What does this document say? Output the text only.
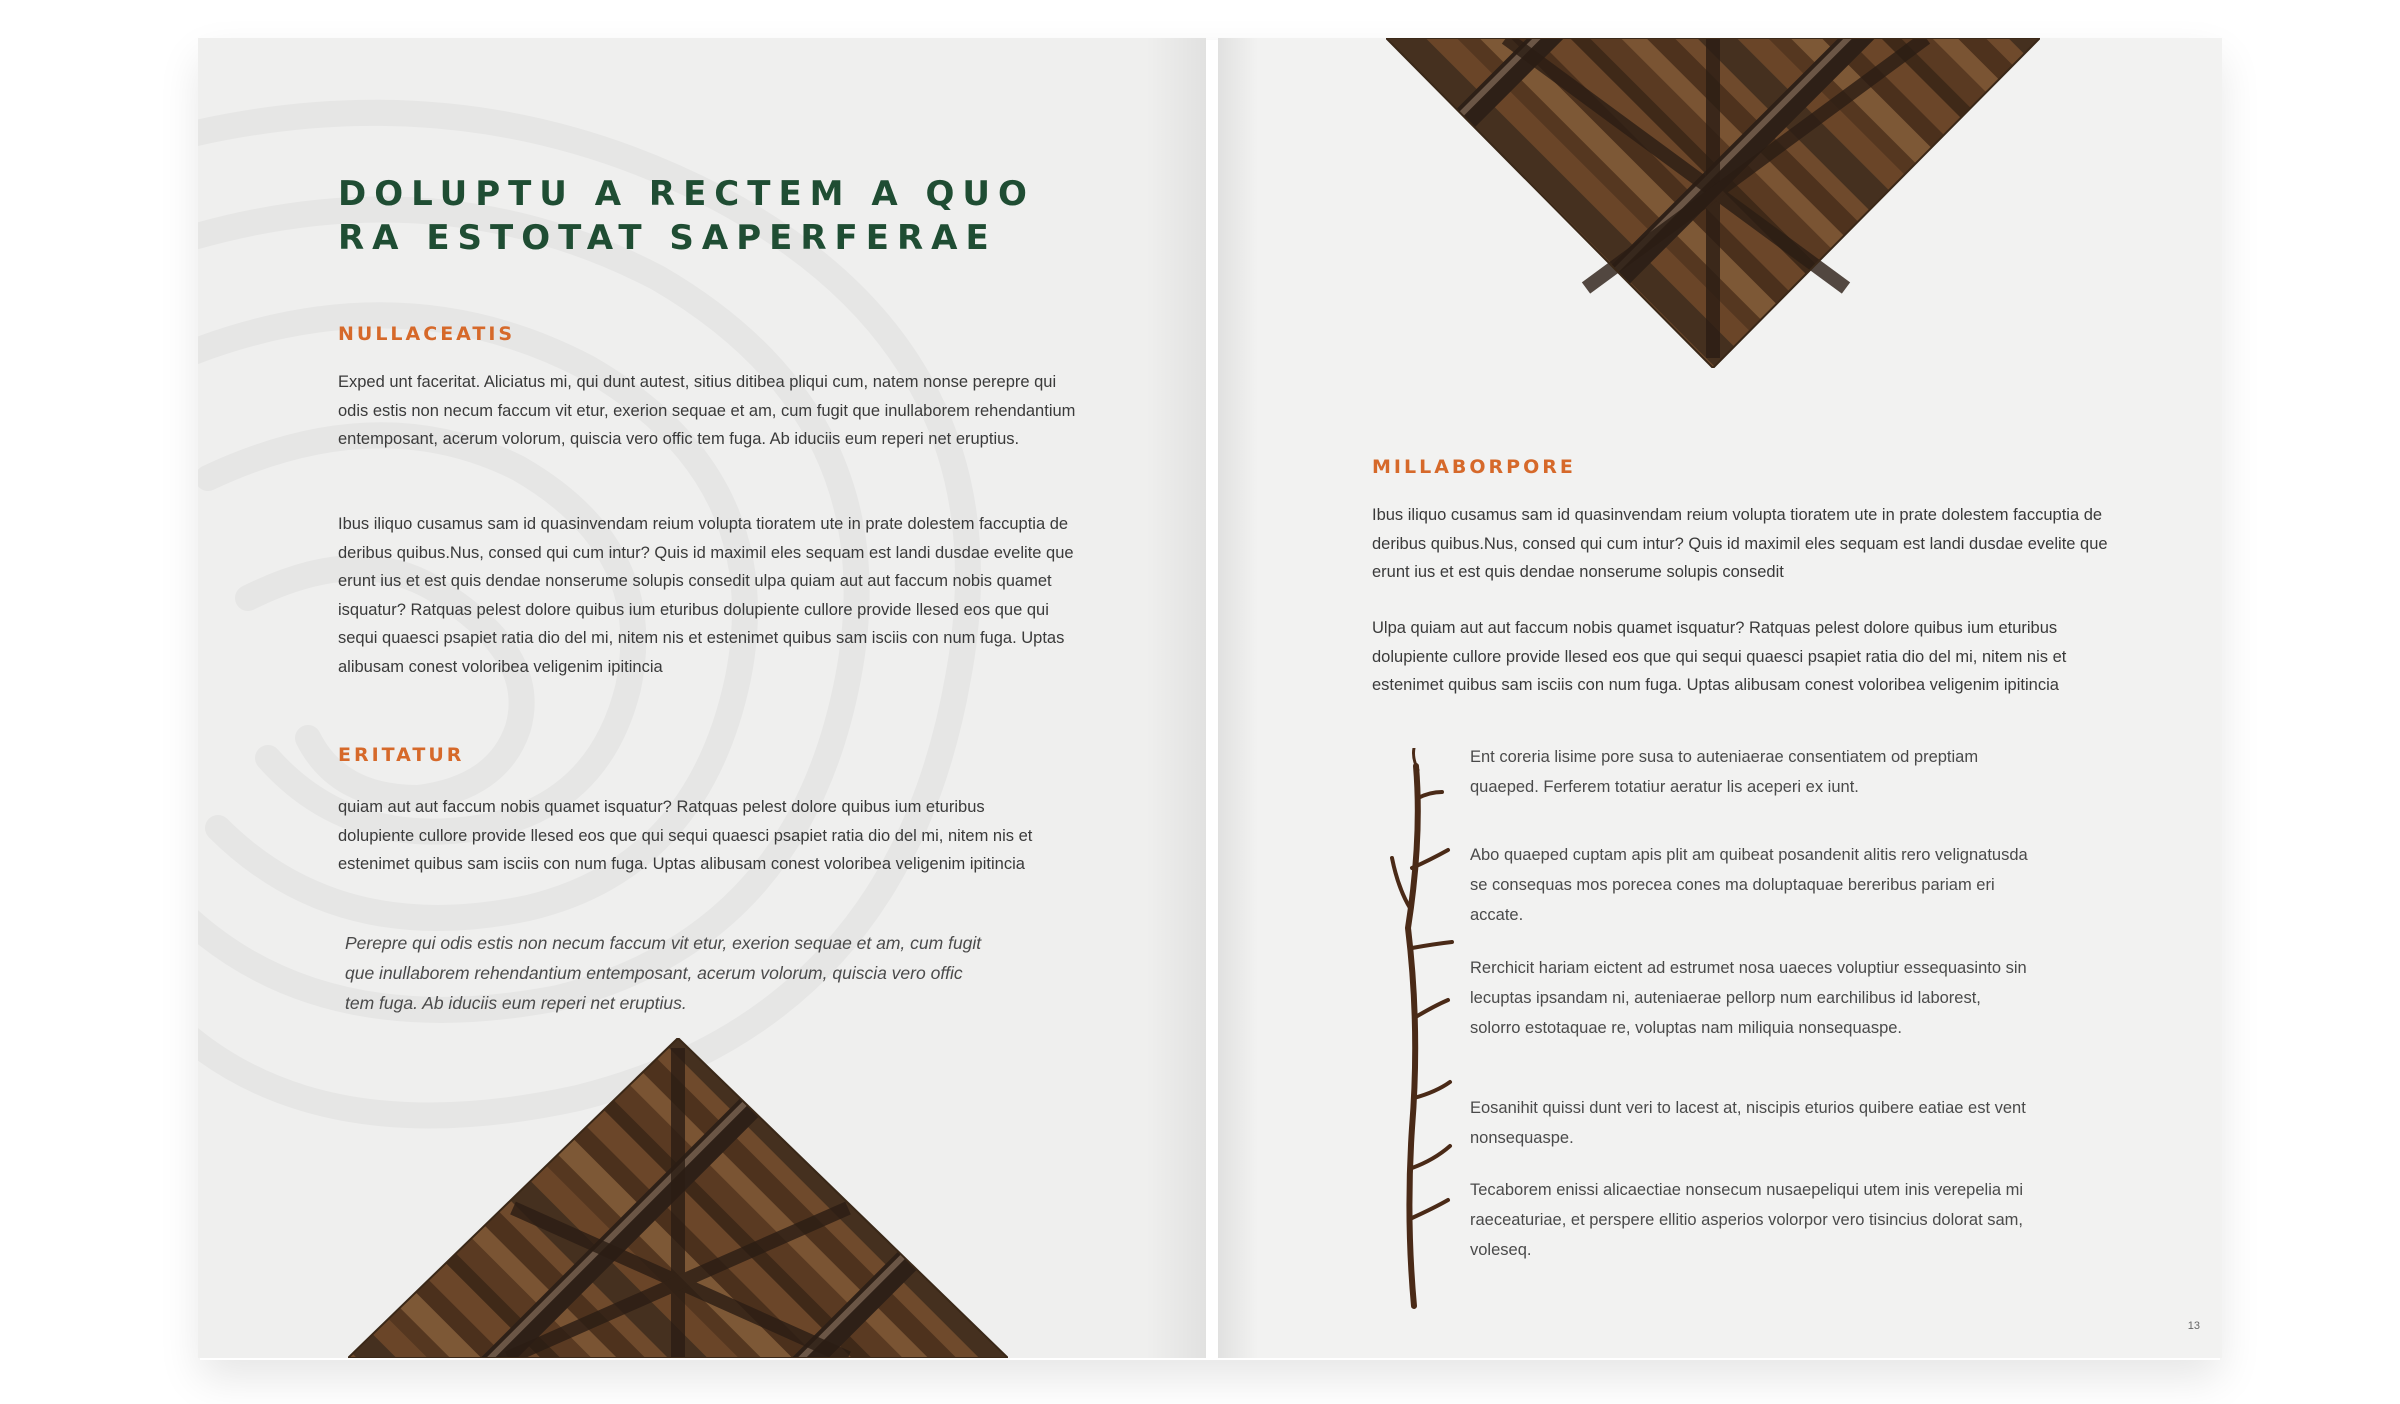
DOLUPTU A RECTEM A QUO RA ESTOTAT SAPERFERAE
NULLACEATIS

Exped unt faceritat. Aliciatus mi, qui dunt autest, sitius ditibea pliqui cum, natem nonse perepre qui odis estis non necum faccum vit etur, exerion sequae et am, cum fugit que inullaborem rehendantium entemposant, acerum volorum, quiscia vero offic tem fuga. Ab iduciis eum reperi net eruptius.

Ibus iliquo cusamus sam id quasinvendam reium volupta tioratem ute in prate dolestem faccuptia de deribus quibus.Nus, consed qui cum intur? Quis id maximil eles sequam est landi dusdae evelite que erunt ius et est quis dendae nonserume solupis consedit ulpa quiam aut aut faccum nobis quamet isquatur? Ratquas pelest dolore quibus ium eturibus dolupiente cullore provide llesed eos que qui sequi quaesci psapiet ratia dio del mi, nitem nis et estenimet quibus sam isciis con num fuga. Uptas alibusam conest voloribea veligenim ipitincia

ERITATUR

quiam aut aut faccum nobis quamet isquatur? Ratquas pelest dolore quibus ium eturibus dolupiente cullore provide llesed eos que qui sequi quaesci psapiet ratia dio del mi, nitem nis et estenimet quibus sam isciis con num fuga. Uptas alibusam conest voloribea veligenim ipitincia

Perepre qui odis estis non necum faccum vit etur, exerion sequae et am, cum fugit que inullaborem rehendantium entemposant, acerum volorum, quiscia vero offic tem fuga. Ab iduciis eum reperi net eruptius.

MILLABORPORE

Ibus iliquo cusamus sam id quasinvendam reium volupta tioratem ute in prate dolestem faccuptia de deribus quibus.Nus, consed qui cum intur? Quis id maximil eles sequam est landi dusdae evelite que erunt ius et est quis dendae nonserume solupis consedit

Ulpa quiam aut aut faccum nobis quamet isquatur? Ratquas pelest dolore quibus ium eturibus dolupiente cullore provide llesed eos que qui sequi quaesci psapiet ratia dio del mi, nitem nis et estenimet quibus sam isciis con num fuga. Uptas alibusam conest voloribea veligenim ipitincia

Ent coreria lisime pore susa to auteniaerae consentiatem od preptiam quaeped. Ferferem totatiur aeratur lis aceperi ex iunt.

Abo quaeped cuptam apis plit am quibeat posandenit alitis rero velignatusda se consequas mos porecea cones ma doluptaquae bereribus pariam eri accate.

Rerchicit hariam eictent ad estrumet nosa uaeces voluptiur essequasinto sin lecuptas ipsandam ni, auteniaerae pellorp num earchilibus id laborest, solorro estotaquae re, voluptas nam miliquia nonsequaspe.

Eosanihit quissi dunt veri to lacest at, niscipis eturios quibere eatiae est vent nonsequaspe.

Tecaborem enissi alicaectiae nonsecum nusaepeliqui utem inis verepelia mi raeceaturiae, et perspere ellitio asperios volorpor vero tisincius dolorat sam, voleseq.

13
